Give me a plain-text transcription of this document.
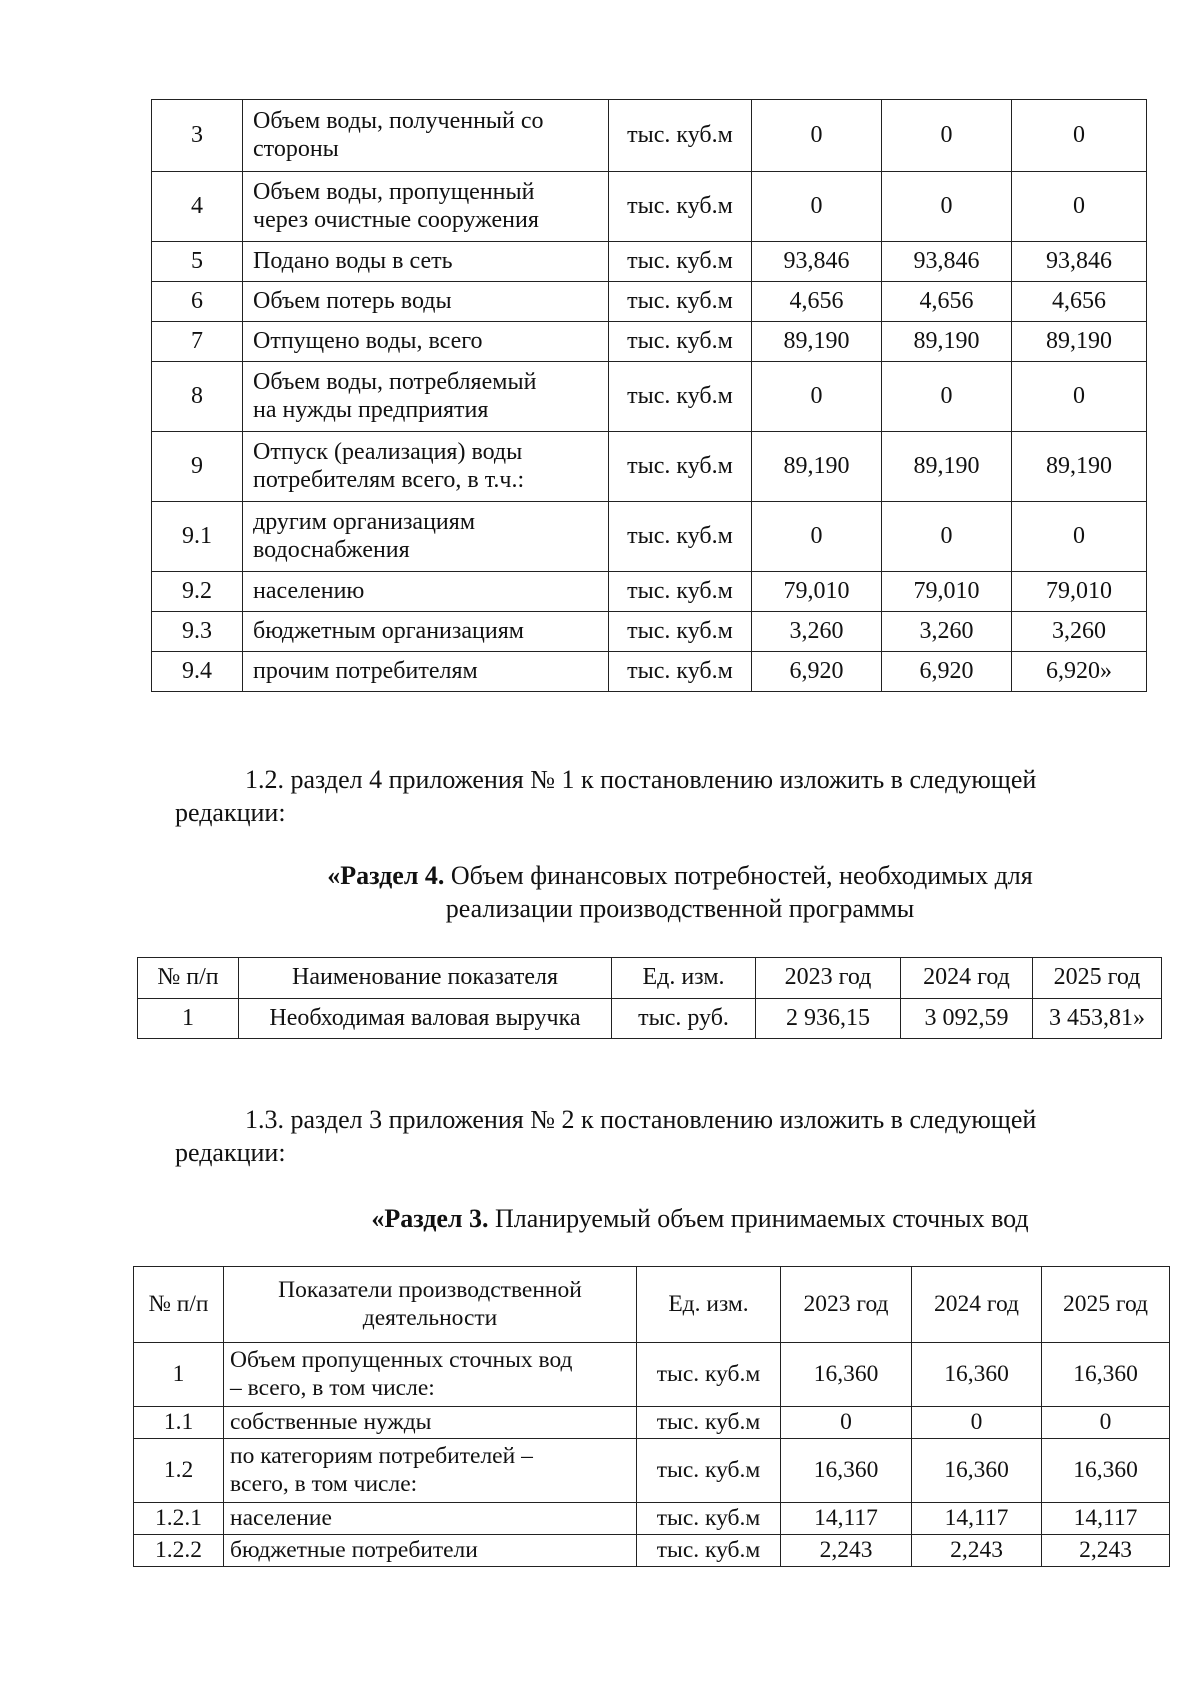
3	Объем воды, полученный со
стороны	тыс. куб.м	0	0	0
4	Объем воды, пропущенный
через очистные сооружения	тыс. куб.м	0	0	0
5	Подано воды в сеть	тыс. куб.м	93,846	93,846	93,846
6	Объем потерь воды	тыс. куб.м	4,656	4,656	4,656
7	Отпущено воды, всего	тыс. куб.м	89,190	89,190	89,190
8	Объем воды, потребляемый
на нужды предприятия	тыс. куб.м	0	0	0
9	Отпуск (реализация) воды
потребителям всего, в т.ч.:	тыс. куб.м	89,190	89,190	89,190
9.1	другим организациям
водоснабжения	тыс. куб.м	0	0	0
9.2	населению	тыс. куб.м	79,010	79,010	79,010
9.3	бюджетным организациям	тыс. куб.м	3,260	3,260	3,260
9.4	прочим потребителям	тыс. куб.м	6,920	6,920	6,920»

1.2. раздел 4 приложения № 1 к постановлению изложить в следующей
редакции:

«Раздел 4. Объем финансовых потребностей, необходимых для
реализации производственной программы

№ п/п	Наименование показателя	Ед. изм.	2023 год	2024 год	2025 год
1	Необходимая валовая выручка	тыс. руб.	2 936,15	3 092,59	3 453,81»

1.3. раздел 3 приложения № 2 к постановлению изложить в следующей
редакции:

«Раздел 3. Планируемый объем принимаемых сточных вод

№ п/п	Показатели производственной
деятельности	Ед. изм.	2023 год	2024 год	2025 год
1	Объем пропущенных сточных вод
– всего, в том числе:	тыс. куб.м	16,360	16,360	16,360
1.1	собственные нужды	тыс. куб.м	0	0	0
1.2	по категориям потребителей –
всего, в том числе:	тыс. куб.м	16,360	16,360	16,360
1.2.1	население	тыс. куб.м	14,117	14,117	14,117
1.2.2	бюджетные потребители	тыс. куб.м	2,243	2,243	2,243
